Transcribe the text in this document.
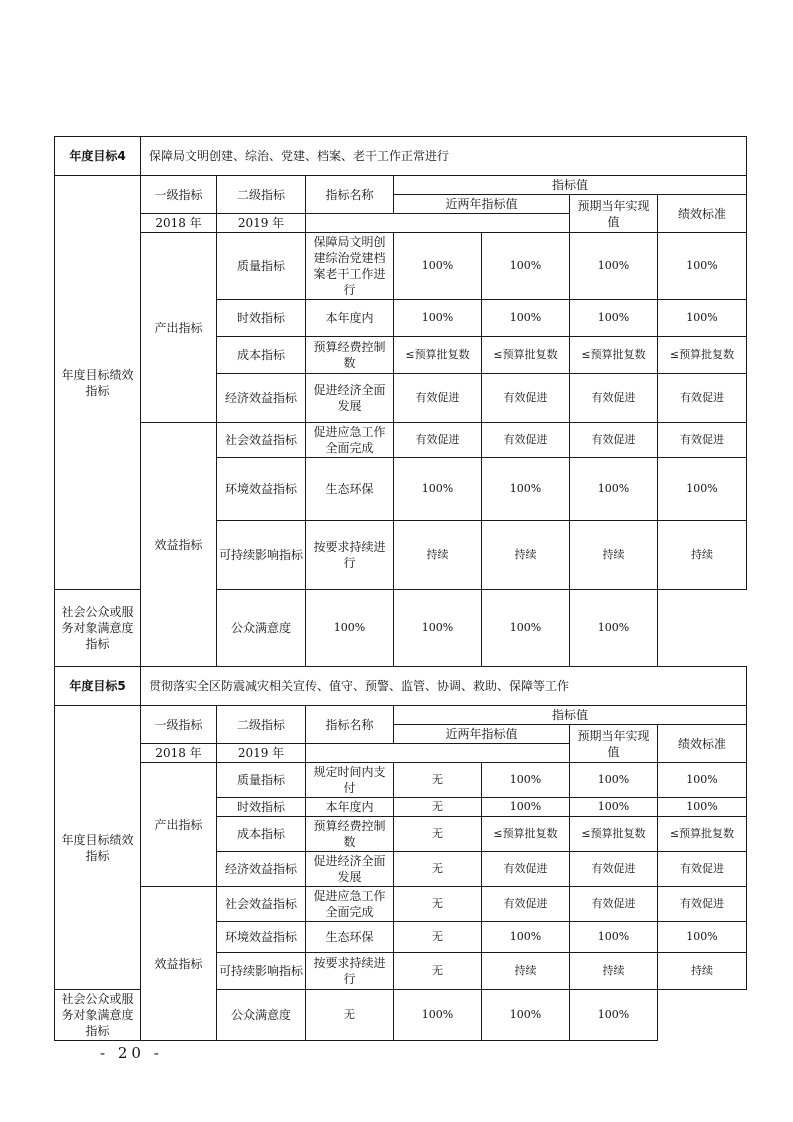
年度目标4	保障局文明创建、综治、党建、档案、老干工作正常进行						
年度目标绩效指标	一级指标	二级指标	指标名称	指标值			
				近两年指标值		预期当年实现值	绩效标准
	2018 年	2019 年					
	产出指标	质量指标	保障局文明创建综治党建档案老干工作进行	100%	100%	100%	100%
		时效指标	本年度内	100%	100%	100%	100%
		成本指标	预算经费控制数	≤预算批复数	≤预算批复数	≤预算批复数	≤预算批复数
		经济效益指标	促进经济全面发展	有效促进	有效促进	有效促进	有效促进
	效益指标	社会效益指标	促进应急工作全面完成	有效促进	有效促进	有效促进	有效促进
		环境效益指标	生态环保	100%	100%	100%	100%
		可持续影响指标	按要求持续进行	持续	持续	持续	持续
社会公众或服务对象满意度指标		公众满意度	100%	100%	100%	100%	
年度目标5	贯彻落实全区防震减灾相关宣传、值守、预警、监管、协调、救助、保障等工作						
年度目标绩效指标	一级指标	二级指标	指标名称	指标值			
				近两年指标值		预期当年实现值	绩效标准
	2018 年	2019 年					
	产出指标	质量指标	规定时间内支付	无	100%	100%	100%
		时效指标	本年度内	无	100%	100%	100%
		成本指标	预算经费控制数	无	≤预算批复数	≤预算批复数	≤预算批复数
		经济效益指标	促进经济全面发展	无	有效促进	有效促进	有效促进
	效益指标	社会效益指标	促进应急工作全面完成	无	有效促进	有效促进	有效促进
		环境效益指标	生态环保	无	100%	100%	100%
		可持续影响指标	按要求持续进行	无	持续	持续	持续
社会公众或服务对象满意度指标		公众满意度	无	100%	100%	100%	
- 20 -
